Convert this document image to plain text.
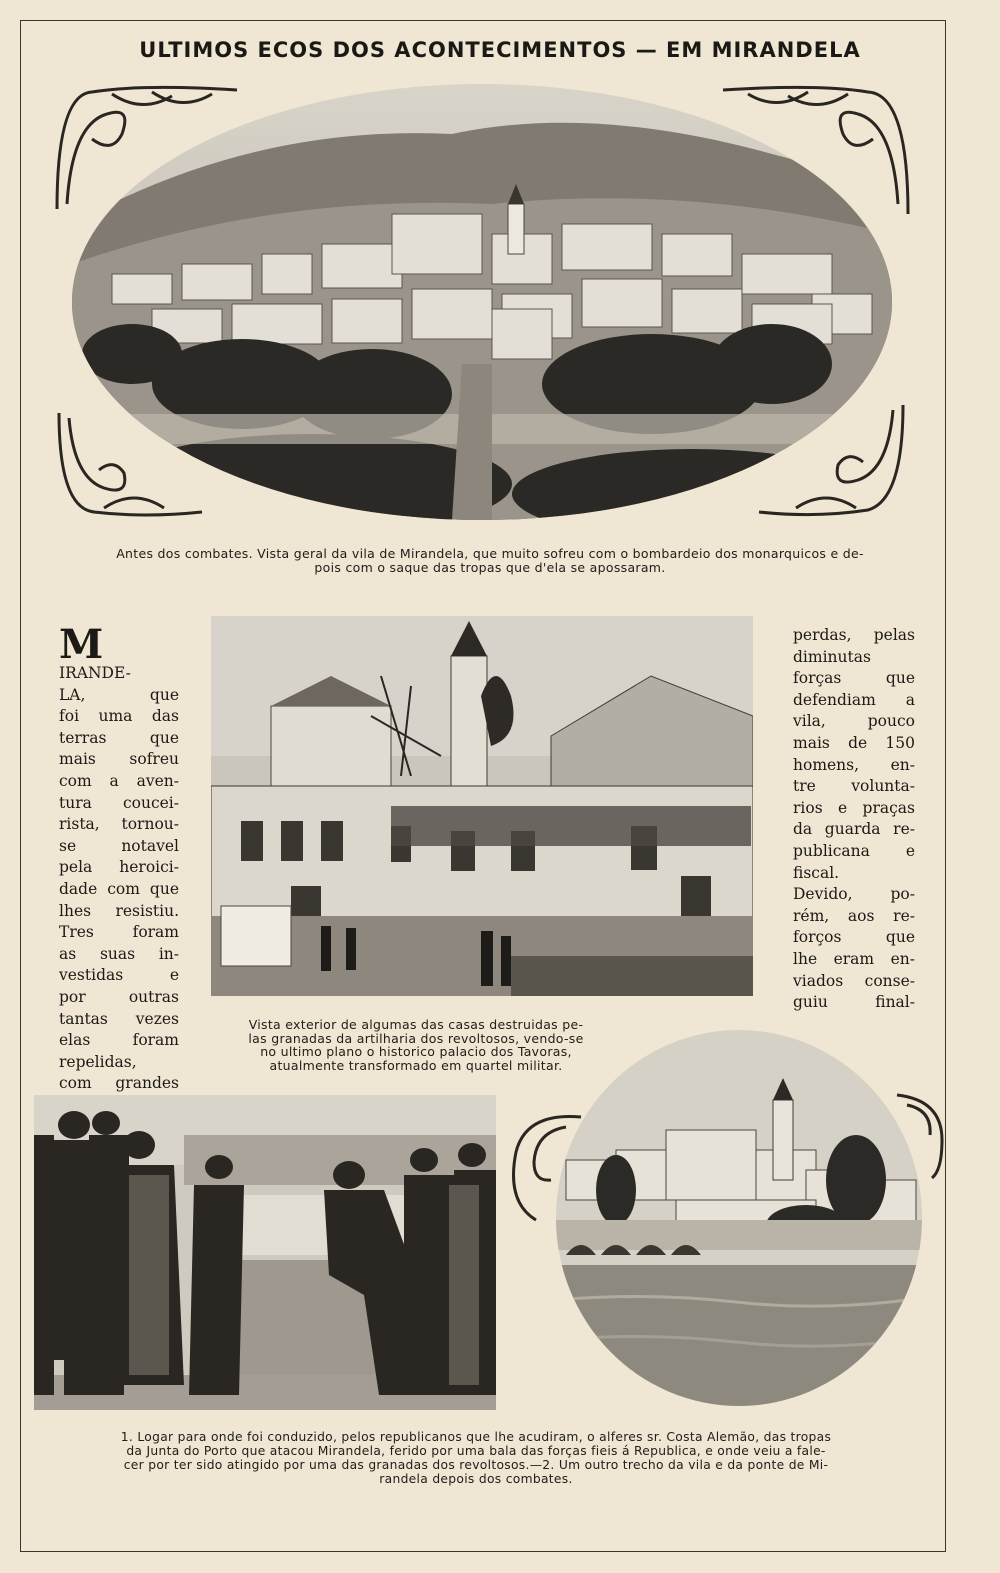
ULTIMOS ECOS DOS ACONTECIMENTOS — EM MIRANDELA
Antes dos combates. Vista geral da vila de Mirandela, que muito sofreu com o bombardeio dos monarquicos e de-
pois com o saque das tropas que d'ela se apossaram.
M

IRANDE-

LA, que

foi uma das

terras que

mais sofreu

com a aven-

tura coucei-

rista, tornou-

se notavel

pela heroici-

dade com que

lhes resistiu.

Tres foram

as suas in-

vestidas e

por outras

tantas vezes

elas foram

repelidas,

com grandes

perdas, pelas

diminutas

forças que

defendiam a

vila, pouco

mais de 150

homens, en-

tre volunta-

rios e praças

da guarda re-

publicana e

fiscal.

Devido, po-

rém, aos re-

forços que

lhe eram en-

viados conse-

guiu final-

Vista exterior de algumas das casas destruidas pe-
las granadas da artilharia dos revoltosos, vendo-se
no ultimo plano o historico palacio dos Tavoras,
atualmente transformado em quartel militar.
1. Logar para onde foi conduzido, pelos republicanos que lhe acudiram, o alferes sr. Costa Alemão, das tropas
da Junta do Porto que atacou Mirandela, ferido por uma bala das forças fieis á Republica, e onde veiu a fale-
cer por ter sido atingido por uma das granadas dos revoltosos.—2. Um outro trecho da vila e da ponte de Mi-
randela depois dos combates.
